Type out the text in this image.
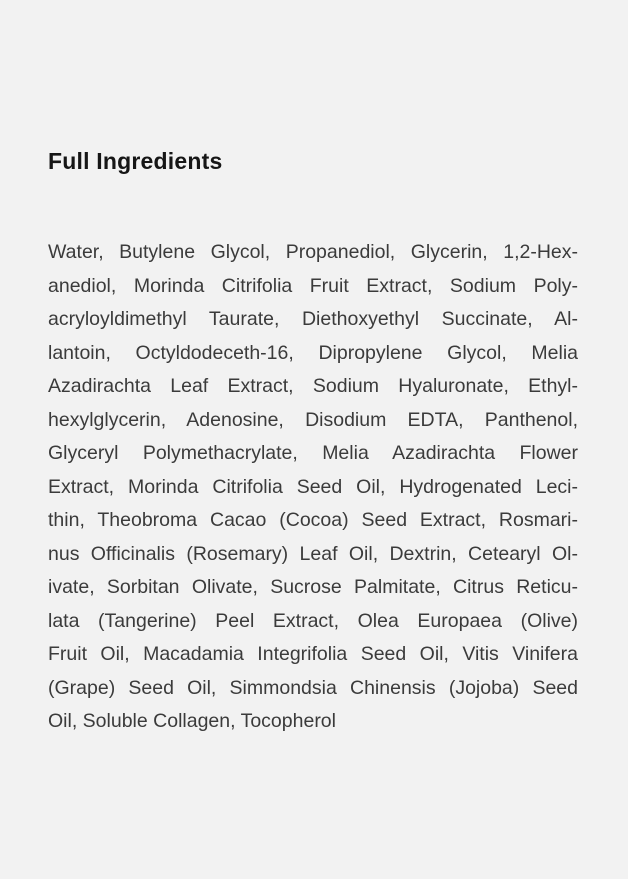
Full Ingredients
Water, Butylene Glycol, Propanediol, Glycerin, 1,2-Hex-
anediol, Morinda Citrifolia Fruit Extract, Sodium Poly-
acryloyldimethyl Taurate, Diethoxyethyl Succinate, Al-
lantoin, Octyldodeceth-16, Dipropylene Glycol, Melia
Azadirachta Leaf Extract, Sodium Hyaluronate, Ethyl-
hexylglycerin, Adenosine, Disodium EDTA, Panthenol,
Glyceryl Polymethacrylate, Melia Azadirachta Flower
Extract, Morinda Citrifolia Seed Oil, Hydrogenated Leci-
thin, Theobroma Cacao (Cocoa) Seed Extract, Rosmari-
nus Officinalis (Rosemary) Leaf Oil, Dextrin, Cetearyl Ol-
ivate, Sorbitan Olivate, Sucrose Palmitate, Citrus Reticu-
lata (Tangerine) Peel Extract, Olea Europaea (Olive)
Fruit Oil, Macadamia Integrifolia Seed Oil, Vitis Vinifera
(Grape) Seed Oil, Simmondsia Chinensis (Jojoba) Seed
Oil, Soluble Collagen, Tocopherol
